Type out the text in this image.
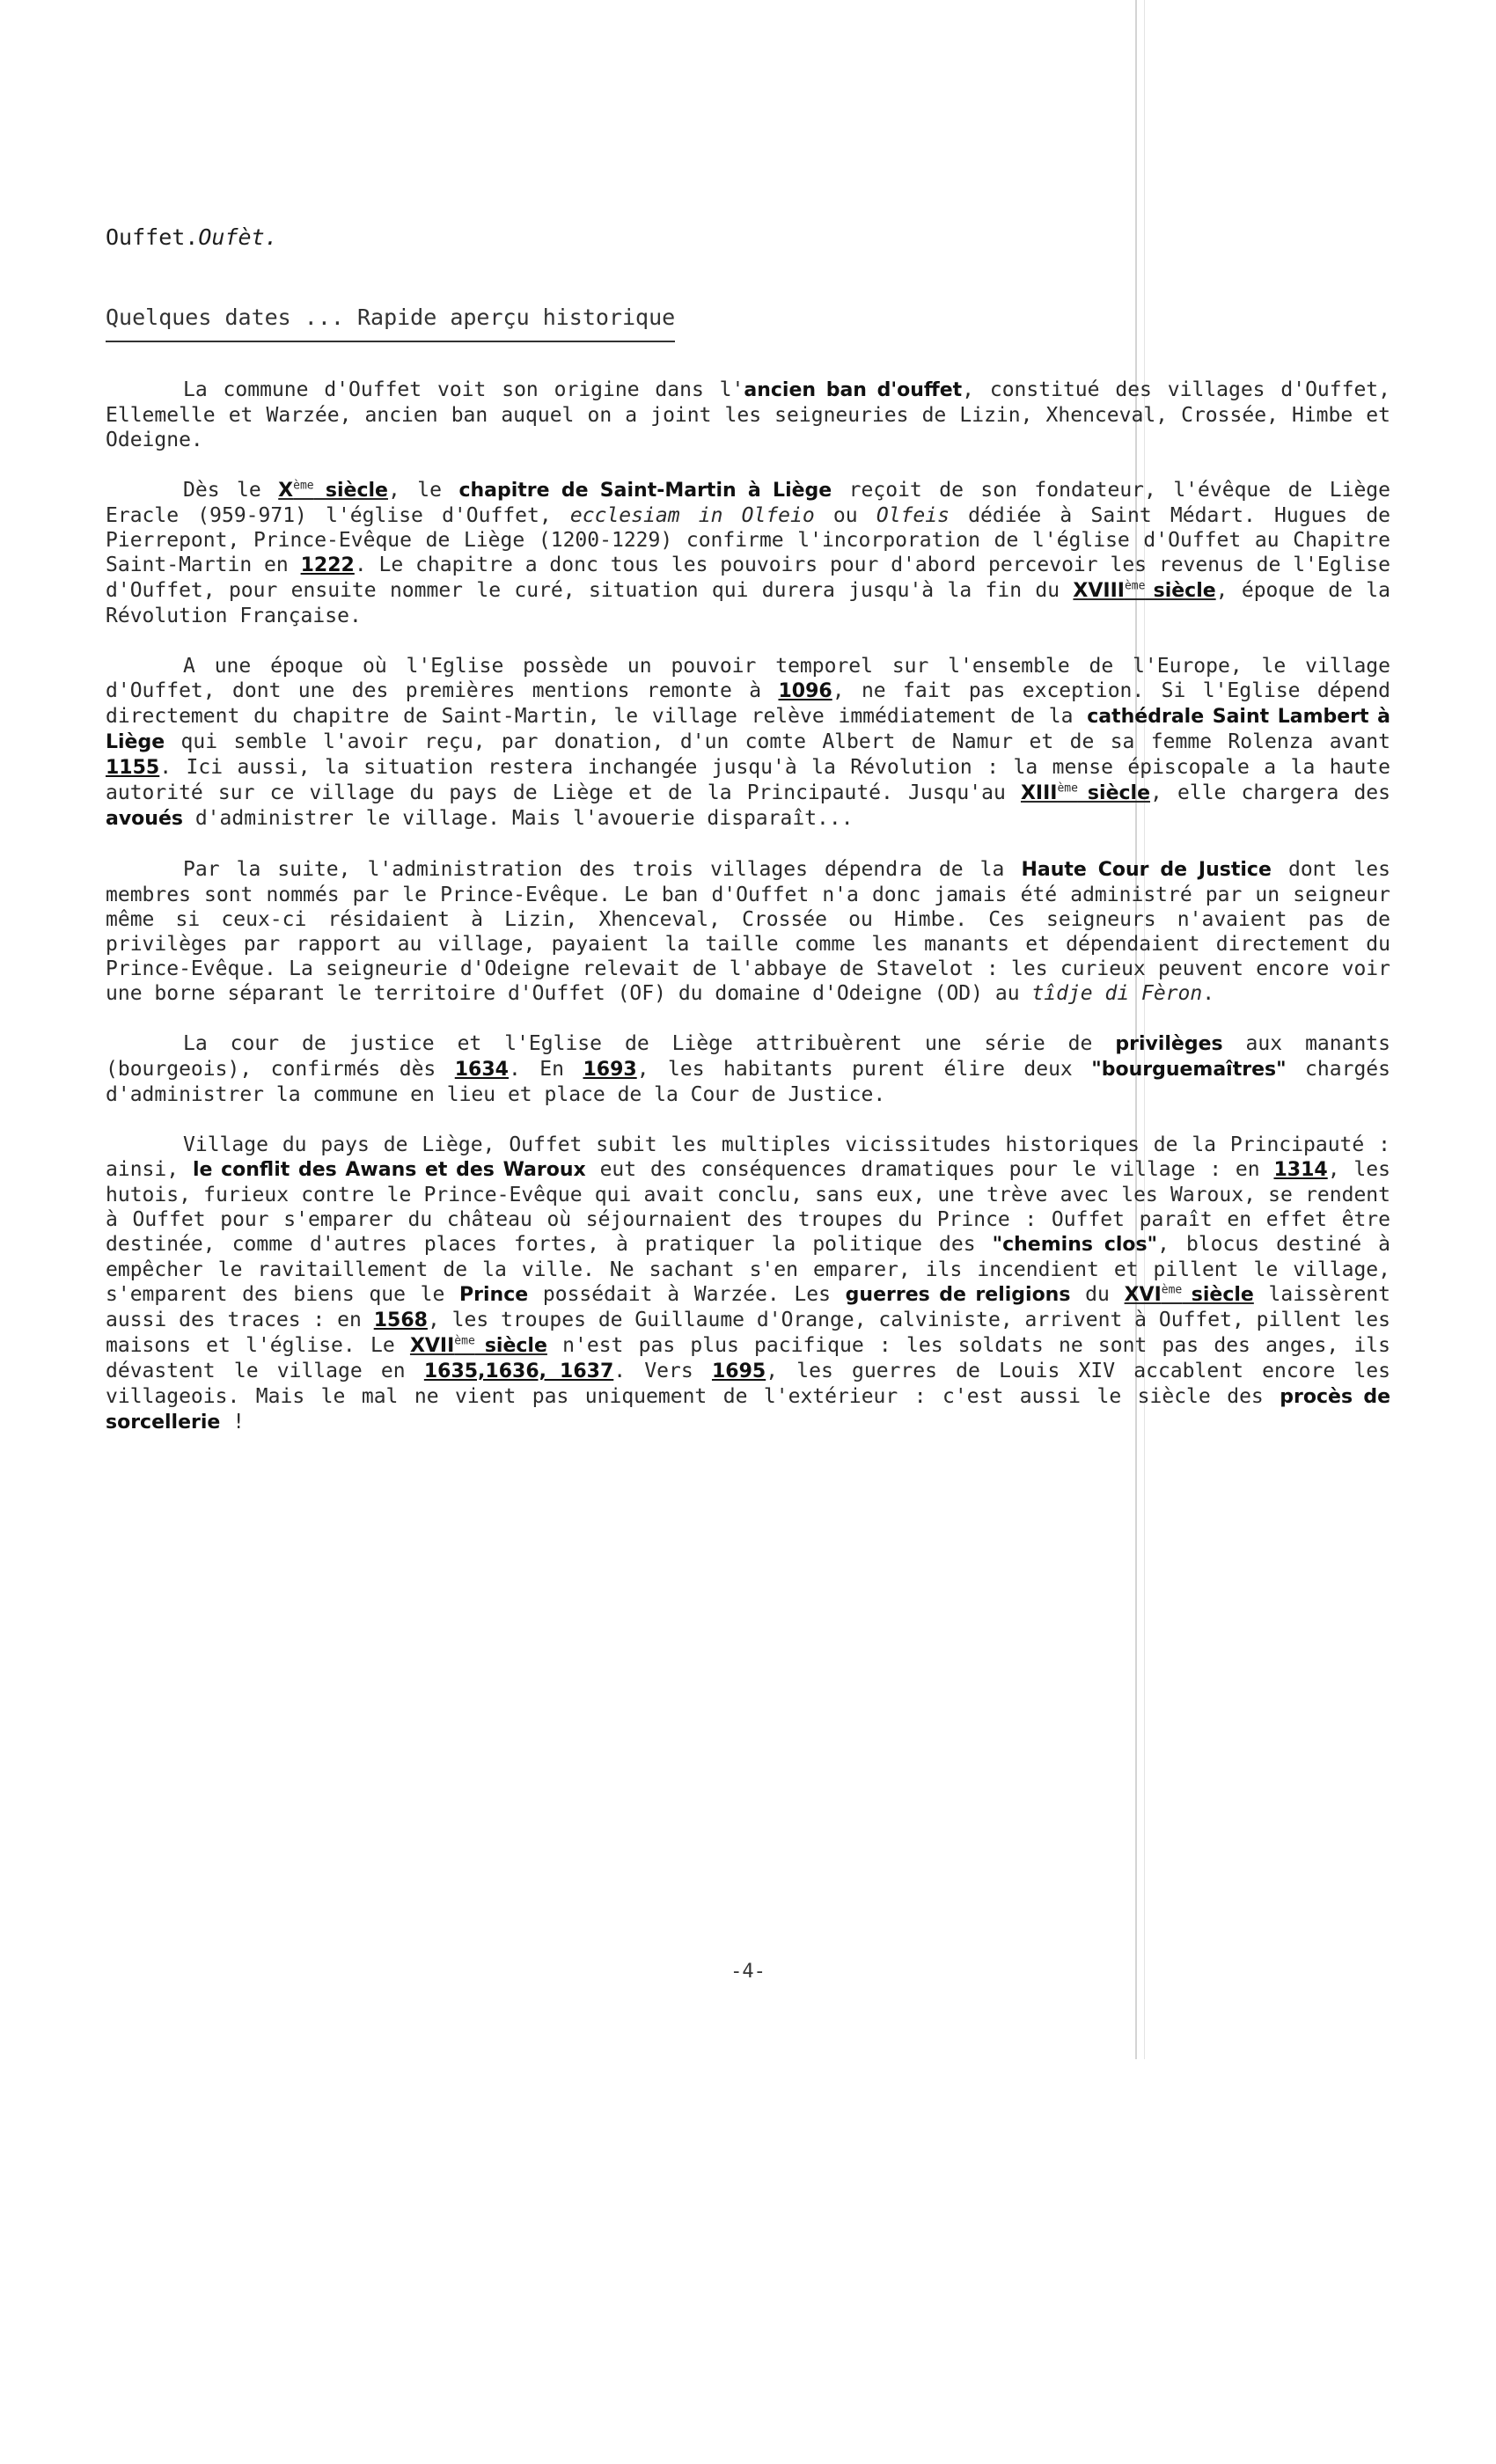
Ouffet.Oufèt.
Quelques dates ... Rapide aperçu historique

La commune d'Ouffet voit son origine dans l'ancien ban d'ouffet, constitué des villages d'Ouffet, Ellemelle et Warzée, ancien ban auquel on a joint les seigneuries de Lizin, Xhenceval, Crossée, Himbe et Odeigne.

Dès le Xème siècle, le chapitre de Saint-Martin à Liège reçoit de son fondateur, l'évêque de Liège Eracle (959-971) l'église d'Ouffet, ecclesiam in Olfeio ou Olfeis dédiée à Saint Médart. Hugues de Pierrepont, Prince-Evêque de Liège (1200-1229) confirme l'incorporation de l'église d'Ouffet au Chapitre Saint-Martin en 1222. Le chapitre a donc tous les pouvoirs pour d'abord percevoir les revenus de l'Eglise d'Ouffet, pour ensuite nommer le curé, situation qui durera jusqu'à la fin du XVIIIème siècle, époque de la Révolution Française.

A une époque où l'Eglise possède un pouvoir temporel sur l'ensemble de l'Europe, le village d'Ouffet, dont une des premières mentions remonte à 1096, ne fait pas exception. Si l'Eglise dépend directement du chapitre de Saint-Martin, le village relève immédiatement de la cathédrale Saint Lambert à Liège qui semble l'avoir reçu, par donation, d'un comte Albert de Namur et de sa femme Rolenza avant 1155. Ici aussi, la situation restera inchangée jusqu'à la Révolution : la mense épiscopale a la haute autorité sur ce village du pays de Liège et de la Principauté. Jusqu'au XIIIème siècle, elle chargera des avoués d'administrer le village. Mais l'avouerie disparaît...

Par la suite, l'administration des trois villages dépendra de la Haute Cour de Justice dont les membres sont nommés par le Prince-Evêque. Le ban d'Ouffet n'a donc jamais été administré par un seigneur même si ceux-ci résidaient à Lizin, Xhenceval, Crossée ou Himbe. Ces seigneurs n'avaient pas de privilèges par rapport au village, payaient la taille comme les manants et dépendaient directement du Prince-Evêque. La seigneurie d'Odeigne relevait de l'abbaye de Stavelot : les curieux peuvent encore voir une borne séparant le territoire d'Ouffet (OF) du domaine d'Odeigne (OD) au tîdje di Fèron.

La cour de justice et l'Eglise de Liège attribuèrent une série de privilèges aux manants (bourgeois), confirmés dès 1634. En 1693, les habitants purent élire deux "bourguemaîtres" chargés d'administrer la commune en lieu et place de la Cour de Justice.

Village du pays de Liège, Ouffet subit les multiples vicissitudes historiques de la Principauté : ainsi, le conflit des Awans et des Waroux eut des conséquences dramatiques pour le village : en 1314, les hutois, furieux contre le Prince-Evêque qui avait conclu, sans eux, une trève avec les Waroux, se rendent à Ouffet pour s'emparer du château où séjournaient des troupes du Prince : Ouffet paraît en effet être destinée, comme d'autres places fortes, à pratiquer la politique des "chemins clos", blocus destiné à empêcher le ravitaillement de la ville. Ne sachant s'en emparer, ils incendient et pillent le village, s'emparent des biens que le Prince possédait à Warzée. Les guerres de religions du XVIème siècle laissèrent aussi des traces : en 1568, les troupes de Guillaume d'Orange, calviniste, arrivent à Ouffet, pillent les maisons et l'église. Le XVIIème siècle n'est pas plus pacifique : les soldats ne sont pas des anges, ils dévastent le village en 1635,1636, 1637. Vers 1695, les guerres de Louis XIV accablent encore les villageois. Mais le mal ne vient pas uniquement de l'extérieur : c'est aussi le siècle des procès de sorcellerie !

-4-
